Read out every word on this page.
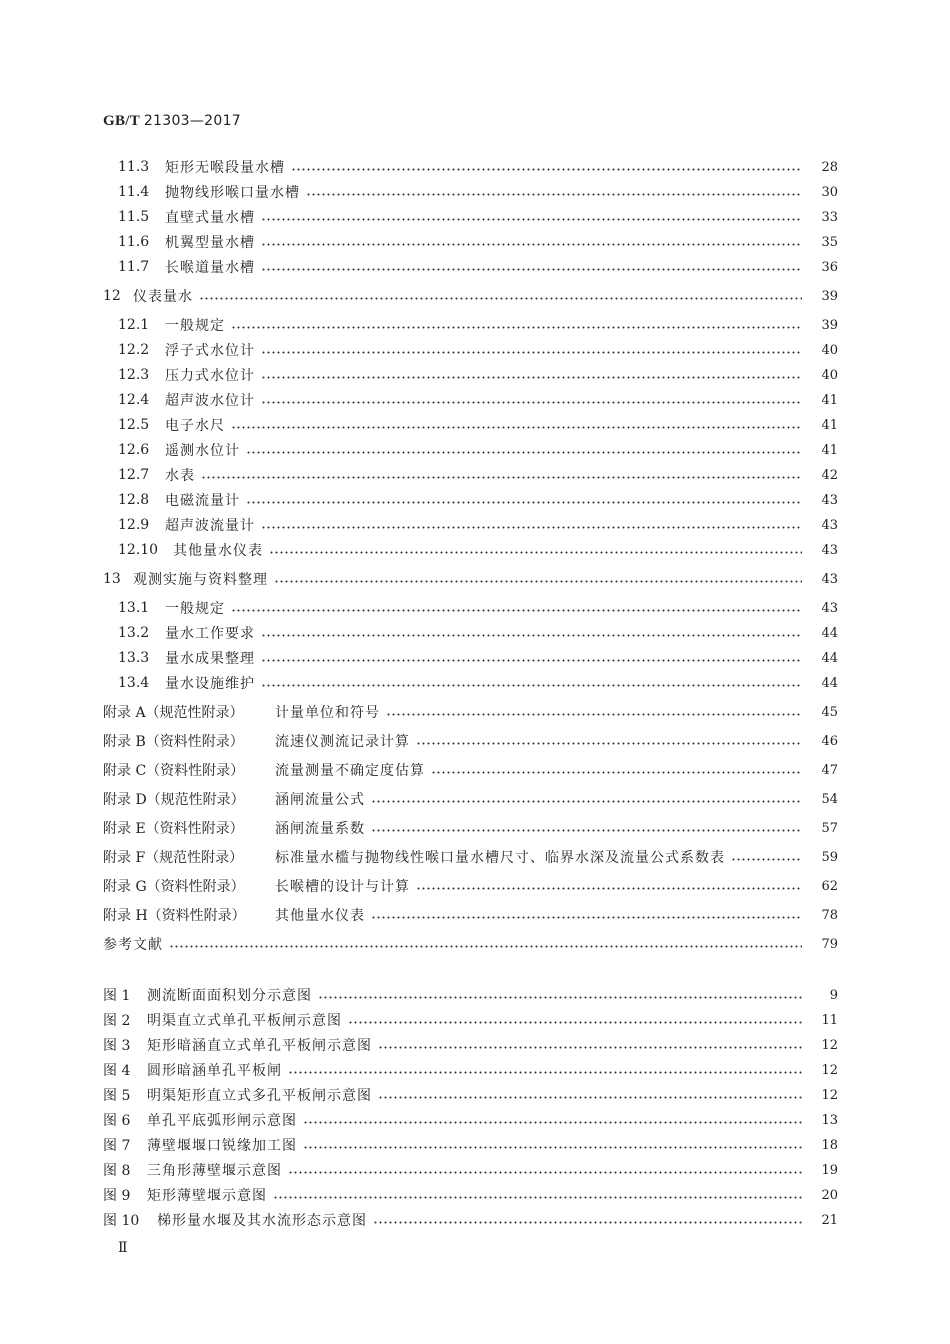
GB/T 21303—2017
11.3	矩形无喉段量水槽	28
11.4	抛物线形喉口量水槽	30
11.5	直壁式量水槽	33
11.6	机翼型量水槽	35
11.7	长喉道量水槽	36
12 仪表量水	39
12.1	一般规定	39
12.2	浮子式水位计	40
12.3	压力式水位计	40
12.4	超声波水位计	41
12.5	电子水尺	41
12.6	遥测水位计	41
12.7	水表	42
12.8	电磁流量计	43
12.9	超声波流量计	43
12.10	其他量水仪表	43
13 观测实施与资料整理	43
13.1	一般规定	43
13.2	量水工作要求	44
13.3	量水成果整理	44
13.4	量水设施维护	44
附录 A（规范性附录）	计量单位和符号	45
附录 B（资料性附录）	流速仪测流记录计算	46
附录 C（资料性附录）	流量测量不确定度估算	47
附录 D（规范性附录）	涵闸流量公式	54
附录 E（资料性附录）	涵闸流量系数	57
附录 F（规范性附录）	标准量水槛与抛物线性喉口量水槽尺寸、临界水深及流量公式系数表	59
附录 G（资料性附录）	长喉槽的设计与计算	62
附录 H（资料性附录）	其他量水仪表	78
参考文献	79
图 1	测流断面面积划分示意图	9
图 2	明渠直立式单孔平板闸示意图	11
图 3	矩形暗涵直立式单孔平板闸示意图	12
图 4	圆形暗涵单孔平板闸	12
图 5	明渠矩形直立式多孔平板闸示意图	12
图 6	单孔平底弧形闸示意图	13
图 7	薄壁堰堰口锐缘加工图	18
图 8	三角形薄壁堰示意图	19
图 9	矩形薄壁堰示意图	20
图 10	梯形量水堰及其水流形态示意图	21
Ⅱ
